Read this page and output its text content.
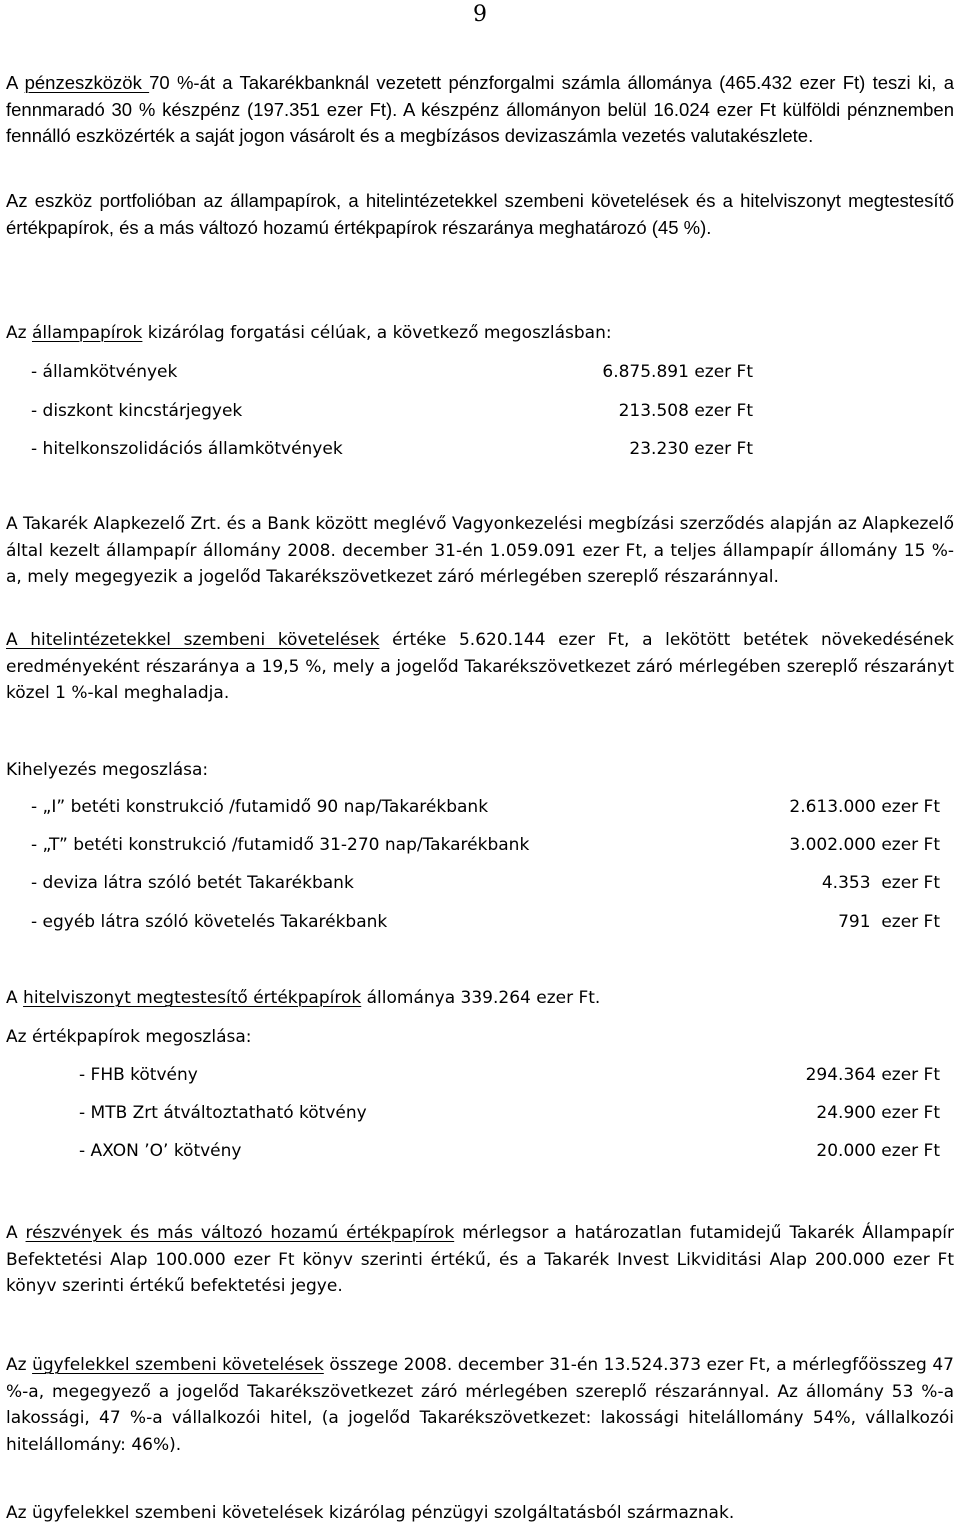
9

A pénzeszközök 70 %-át a Takarékbanknál vezetett pénzforgalmi számla állománya (465.432 ezer Ft) teszi ki, a fennmaradó 30 % készpénz (197.351 ezer Ft). A készpénz állományon belül 16.024 ezer Ft külföldi pénznemben fennálló eszközérték a saját jogon vásárolt és a megbízásos devizaszámla vezetés valutakészlete.

Az eszköz portfolióban az állampapírok, a hitelintézetekkel szembeni követelések és a hitelviszonyt megtestesítő értékpapírok, és a más változó hozamú értékpapírok részaránya meghatározó (45 %).

Az állampapírok kizárólag forgatási célúak, a következő megoszlásban:

- államkötvények	6.875.891 ezer Ft
- diszkont kincstárjegyek	213.508 ezer Ft
- hitelkonszolidációs államkötvények	23.230 ezer Ft

A Takarék Alapkezelő Zrt. és a Bank között meglévő Vagyonkezelési megbízási szerződés alapján az Alapkezelő által kezelt állampapír állomány 2008. december 31-én 1.059.091 ezer Ft, a teljes állampapír állomány 15 %-a, mely megegyezik a jogelőd Takarékszövetkezet záró mérlegében szereplő részaránnyal.

A hitelintézetekkel szembeni követelések értéke 5.620.144 ezer Ft, a lekötött betétek növekedésének eredményeként részaránya a 19,5 %, mely a jogelőd Takarékszövetkezet záró mérlegében szereplő részarányt közel 1 %-kal meghaladja.

Kihelyezés megoszlása:

- „I” betéti konstrukció /futamidő 90 nap/Takarékbank	2.613.000 ezer Ft
- „T” betéti konstrukció /futamidő 31-270 nap/Takarékbank	3.002.000 ezer Ft
- deviza látra szóló betét Takarékbank	4.353  ezer Ft
- egyéb látra szóló követelés Takarékbank	791  ezer Ft

A hitelviszonyt megtestesítő értékpapírok állománya 339.264 ezer Ft.

Az értékpapírok megoszlása:

- FHB kötvény	294.364 ezer Ft
- MTB Zrt átváltoztatható kötvény	24.900 ezer Ft
- AXON ’O’ kötvény	20.000 ezer Ft

A részvények és más változó hozamú értékpapírok mérlegsor a határozatlan futamidejű Takarék Állampapír Befektetési Alap 100.000 ezer Ft könyv szerinti értékű, és a Takarék Invest Likviditási Alap 200.000 ezer Ft könyv szerinti értékű befektetési jegye.

Az ügyfelekkel szembeni követelések összege 2008. december 31-én 13.524.373 ezer Ft, a mérlegfőösszeg 47 %-a, megegyező a jogelőd Takarékszövetkezet záró mérlegében szereplő részaránnyal. Az állomány 53 %-a lakossági, 47 %-a vállalkozói hitel, (a jogelőd Takarékszövetkezet: lakossági hitelállomány 54%, vállalkozói hitelállomány: 46%).

Az ügyfelekkel szembeni követelések kizárólag pénzügyi szolgáltatásból származnak.
